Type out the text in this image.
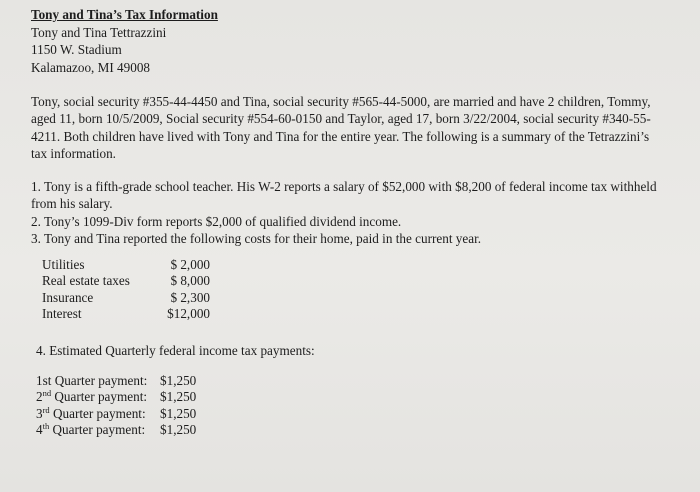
Tony and Tina’s Tax Information
Tony and Tina Tettrazzini
1150 W. Stadium
Kalamazoo, MI 49008
Tony, social security #355-44-4450 and Tina, social security #565-44-5000, are married and have 2 children, Tommy, aged 11, born 10/5/2009, Social security #554-60-0150 and Taylor, aged 17, born 3/22/2004, social security #340-55-4211. Both children have lived with Tony and Tina for the entire year. The following is a summary of the Tetrazzini’s tax information.
1. Tony is a fifth-grade school teacher. His W-2 reports a salary of $52,000 with $8,200 of federal income tax withheld from his salary.
2. Tony’s 1099-Div form reports $2,000 of qualified dividend income.
3. Tony and Tina reported the following costs for their home, paid in the current year.
Utilities	$ 2,000
Real estate taxes	$ 8,000
Insurance	$ 2,300
Interest	$12,000
4. Estimated Quarterly federal income tax payments:
1st Quarter payment: $1,250
2nd Quarter payment: $1,250
3rd Quarter payment:	$1,250
4th Quarter payment:	$1,250
